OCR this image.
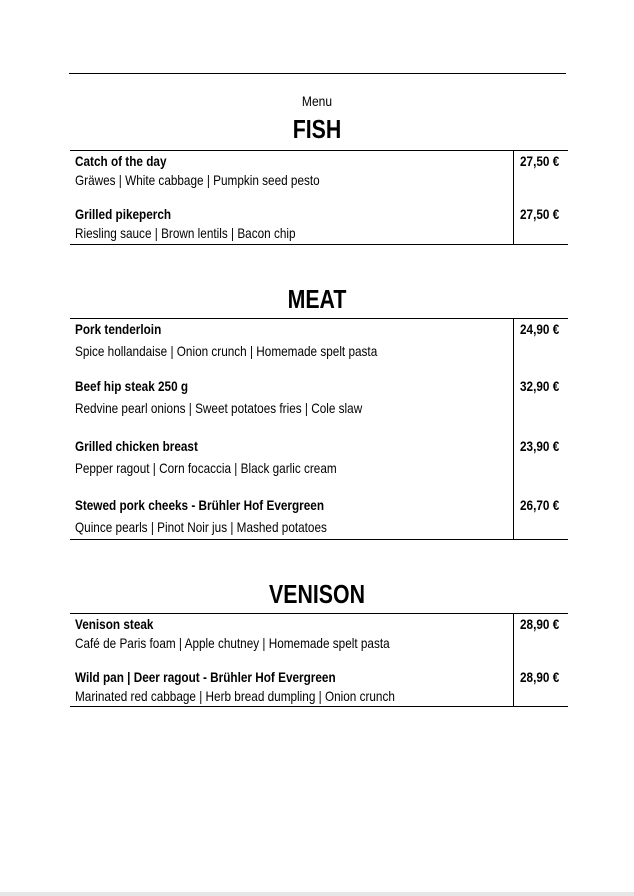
Menu
FISH
Catch of the day
Gräwes | White cabbage | Pumpkin seed pesto
27,50 €
Grilled pikeperch
Riesling sauce | Brown lentils | Bacon chip
27,50 €
MEAT
Pork tenderloin
Spice hollandaise | Onion crunch | Homemade spelt pasta
24,90 €
Beef hip steak 250 g
Redvine pearl onions | Sweet potatoes fries | Cole slaw
32,90 €
Grilled chicken breast
Pepper ragout | Corn focaccia | Black garlic cream
23,90 €
Stewed pork cheeks - Brühler Hof Evergreen
Quince pearls | Pinot Noir jus | Mashed potatoes
26,70 €
VENISON
Venison steak
Café de Paris foam | Apple chutney | Homemade spelt pasta
28,90 €
Wild pan | Deer ragout - Brühler Hof Evergreen
Marinated red cabbage | Herb bread dumpling | Onion crunch
28,90 €
